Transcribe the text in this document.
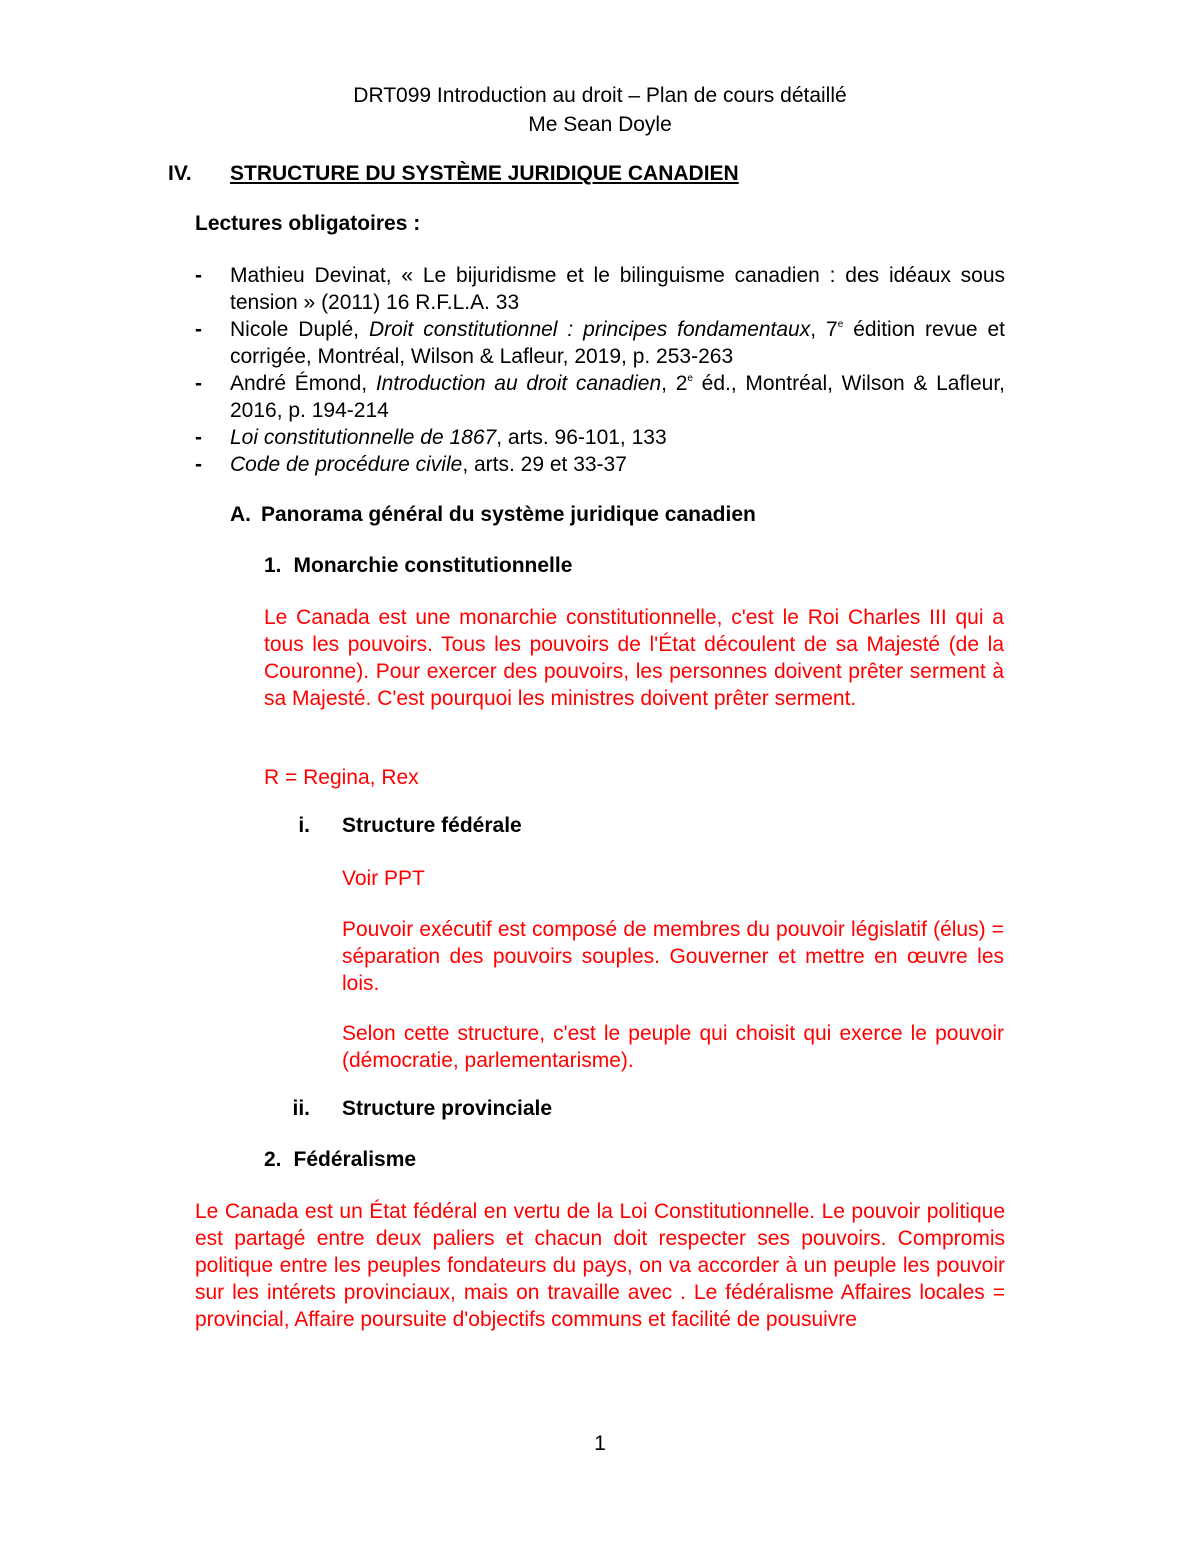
DRT099 Introduction au droit – Plan de cours détaillé
Me Sean Doyle
IV. STRUCTURE DU SYSTÈME JURIDIQUE CANADIEN
Lectures obligatoires :
- Mathieu Devinat, « Le bijuridisme et le bilinguisme canadien : des idéaux sous tension » (2011) 16 R.F.L.A. 33
- Nicole Duplé, Droit constitutionnel : principes fondamentaux, 7e édition revue et corrigée, Montréal, Wilson & Lafleur, 2019, p. 253-263
- André Émond, Introduction au droit canadien, 2e éd., Montréal, Wilson & Lafleur, 2016, p. 194-214
- Loi constitutionnelle de 1867, arts. 96-101, 133
- Code de procédure civile, arts. 29 et 33-37
A. Panorama général du système juridique canadien
1. Monarchie constitutionnelle
Le Canada est une monarchie constitutionnelle, c'est le Roi Charles III qui a tous les pouvoirs. Tous les pouvoirs de l'État découlent de sa Majesté (de la Couronne). Pour exercer des pouvoirs, les personnes doivent prêter serment à sa Majesté. C'est pourquoi les ministres doivent prêter serment.
R = Regina, Rex
i. Structure fédérale
Voir PPT
Pouvoir exécutif est composé de membres du pouvoir législatif (élus) = séparation des pouvoirs souples. Gouverner et mettre en œuvre les lois.
Selon cette structure, c'est le peuple qui choisit qui exerce le pouvoir (démocratie, parlementarisme).
ii. Structure provinciale
2. Fédéralisme
Le Canada est un État fédéral en vertu de la Loi Constitutionnelle. Le pouvoir politique est partagé entre deux paliers et chacun doit respecter ses pouvoirs. Compromis politique entre les peuples fondateurs du pays, on va accorder à un peuple les pouvoir sur les intérets provinciaux, mais on travaille avec . Le fédéralisme Affaires locales = provincial, Affaire poursuite d'objectifs communs et facilité de pousuivre
1
